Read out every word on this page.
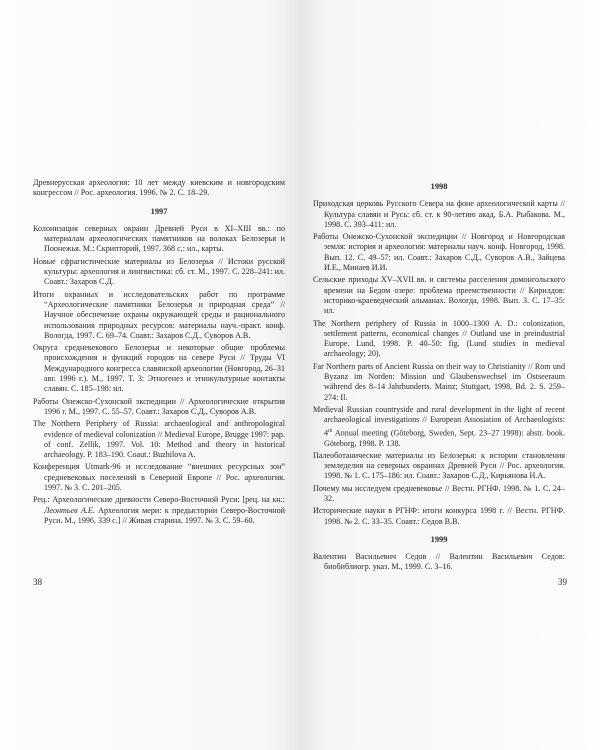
Древнерусская археология: 10 лет между киевским и новгородским конгрессом // Рос. археология. 1996. № 2. С. 18–29.

1997

Колонизация северных окраин Древней Руси в XI–XIII вв.: по материалам археологических памятников на волоках Белозерья и Поонежья. М.: Скрипторий, 1997. 368 с.: ил., карты.

Новые сфрагистические материалы из Белозерья // Истоки русской культуры: археология и лингвистика: сб. ст. М., 1997. С. 228–241: ил. Соавт.: Захаров С.Д.

Итоги охранных и исследовательских работ по программе “Археологические памятники Белозерья и природная среда” // Научное обеспечение охраны окружающей среды и рационального использования природных ресурсов: материалы науч.-практ. конф. Вологда, 1997. С. 69–74. Соавт.: Захаров С.Д., Суворов А.В.

Округа средневекового Белозерья и некоторые общие проблемы происхождения и функций городов на севере Руси // Труды VI Международного конгресса славянской археологии (Новгород, 26–31 авг. 1996 г.). М., 1997. Т. 3: Этногенез и этнокультурные контакты славян. С. 185–198: ил.

Работы Онежско-Сухонской экспедиции // Археологические открытия 1996 г. М., 1997. С. 55–57. Соавт.: Захаров С.Д., Суворов А.В.

The Northern Periphery of Russia: archaeological and anthropological evidence of medieval colonization // Medieval Europe, Brugge 1997: pap. of conf. Zellik, 1997. Vol. 10: Method and theory in historical archaeology. P. 183–190. Coaut.: Buzhilova A.

Конференция Utmark-96 и исследование “внешних ресурсных зон” средневековых поселений в Северной Европе // Рос. археология. 1997. № 3. С. 201–205.

Рец.: Археологические древности Северо-Восточной Руси: [рец. на кн.: Леонтьев А.Е. Археология мери: к предыстории Северо-Восточной Руси. М., 1996. 339 с.] // Живая старина. 1997. № 3. С. 59–60.

38

1998

Приходская церковь Русского Севера на фоне археологической карты // Культура славян и Русь: сб. ст. к 90-летию акад. Б.А. Рыбакова. М., 1998. С. 393–411: ил.

Работы Онежско-Сухонской экспедиции // Новгород и Новгородская земля: история и археология: материалы науч. конф. Новгород, 1998. Вып. 12. С. 49–57: ил. Соавт.: Захаров С.Д., Суворов А.В., Зайцева И.Е., Минаев И.И.

Сельские приходы XV–XVII вв. и системы расселения домонгольского времени на Бедом озере: проблема преемственности // Кирилдов: историко-краеведческий альманах. Вологда, 1998. Вып. 3. С. 17–35: ил.

The Northern periphery of Russia in 1000–1300 A. D.: colonization, settlement patterns, economical changes // Outland use in preindustrial Europe. Lund, 1998. P. 40–50: fig. (Lund studies in medieval archaeology; 20).

Far Northern parts of Ancient Russia on their way to Christianity // Rom und Byzanz im Norden: Mission und Glaubenswechsel im Ostseeraum während des 8–14 Jahrhunderts. Mainz; Stuttgart, 1998. Bd. 2. S. 259–274: Il.

Medieval Russian countryside and rural development in the light of recent archaeological investigations // European Assosiation of Archaeologists: 4th Annual meeting (Göteborg, Sweden, Sept. 23–27 1998): abstr. book. Göteborg, 1998. P. 138.

Палеоботанические материалы из Белозерья: к истории становления земледелия на северных окраинах Древней Руси // Рос. археология. 1998. № 1. С. 175–186: ил. Соавт.: Захаров С.Д., Кирьянова Н.А.

Почему мы исследуем средневековье // Вестн. РГНФ. 1998. № 1. С. 24–32.

Исторические науки в РГНФ: итоги конкурса 1998 г. // Вестн. РГНФ. 1998. № 2. С. 33–35. Соавт.: Седов В.В.

1999

Валентин Васильевич Седов // Валентин Васильевич Седов: биобиблиогр. указ. М., 1999. С. 3–16.

39
